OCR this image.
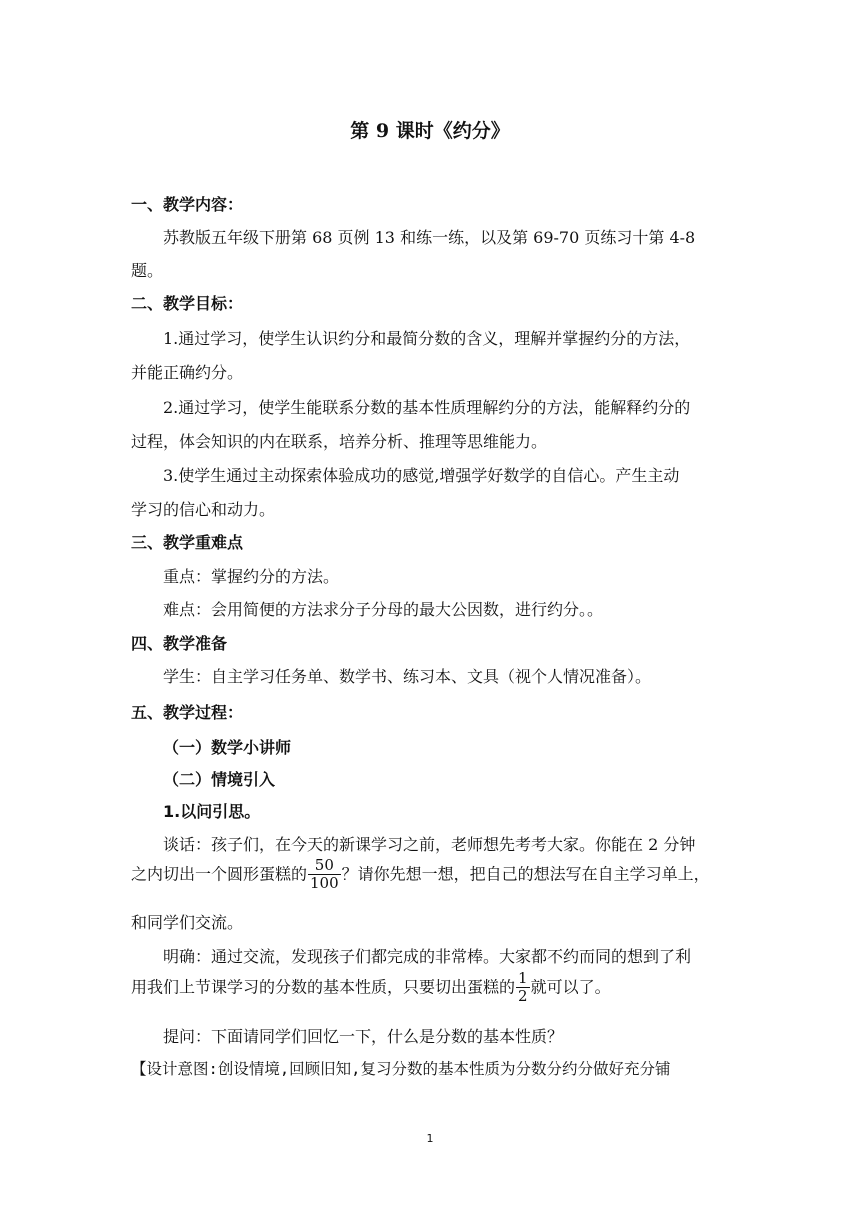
第 9 课时《约分》
一、教学内容：
苏教版五年级下册第 68 页例 13 和练一练，以及第 69-70 页练习十第 4-8
题。
二、教学目标：
1.通过学习，使学生认识约分和最简分数的含义，理解并掌握约分的方法，
并能正确约分。
2.通过学习，使学生能联系分数的基本性质理解约分的方法，能解释约分的
过程，体会知识的内在联系，培养分析、推理等思维能力。
3.使学生通过主动探索体验成功的感觉,增强学好数学的自信心。产生主动
学习的信心和动力。
三、教学重难点
重点：掌握约分的方法。
难点：会用简便的方法求分子分母的最大公因数，进行约分。。
四、教学准备
学生：自主学习任务单、数学书、练习本、文具（视个人情况准备）。
五、教学过程：
（一）数学小讲师
（二）情境引入
1.以问引思。
谈话：孩子们，在今天的新课学习之前，老师想先考考大家。你能在 2 分钟
之内切出一个圆形蛋糕的 $\frac{50}{100}$ ？请你先想一想，把自己的想法写在自主学习单上，
和同学们交流。
明确：通过交流，发现孩子们都完成的非常棒。大家都不约而同的想到了利
用我们上节课学习的分数的基本性质，只要切出蛋糕的 $\frac{1}{2}$ 就可以了。
提问：下面请同学们回忆一下，什么是分数的基本性质？
【设计意图:创设情境,回顾旧知,复习分数的基本性质为分数分约分做好充分铺
1
